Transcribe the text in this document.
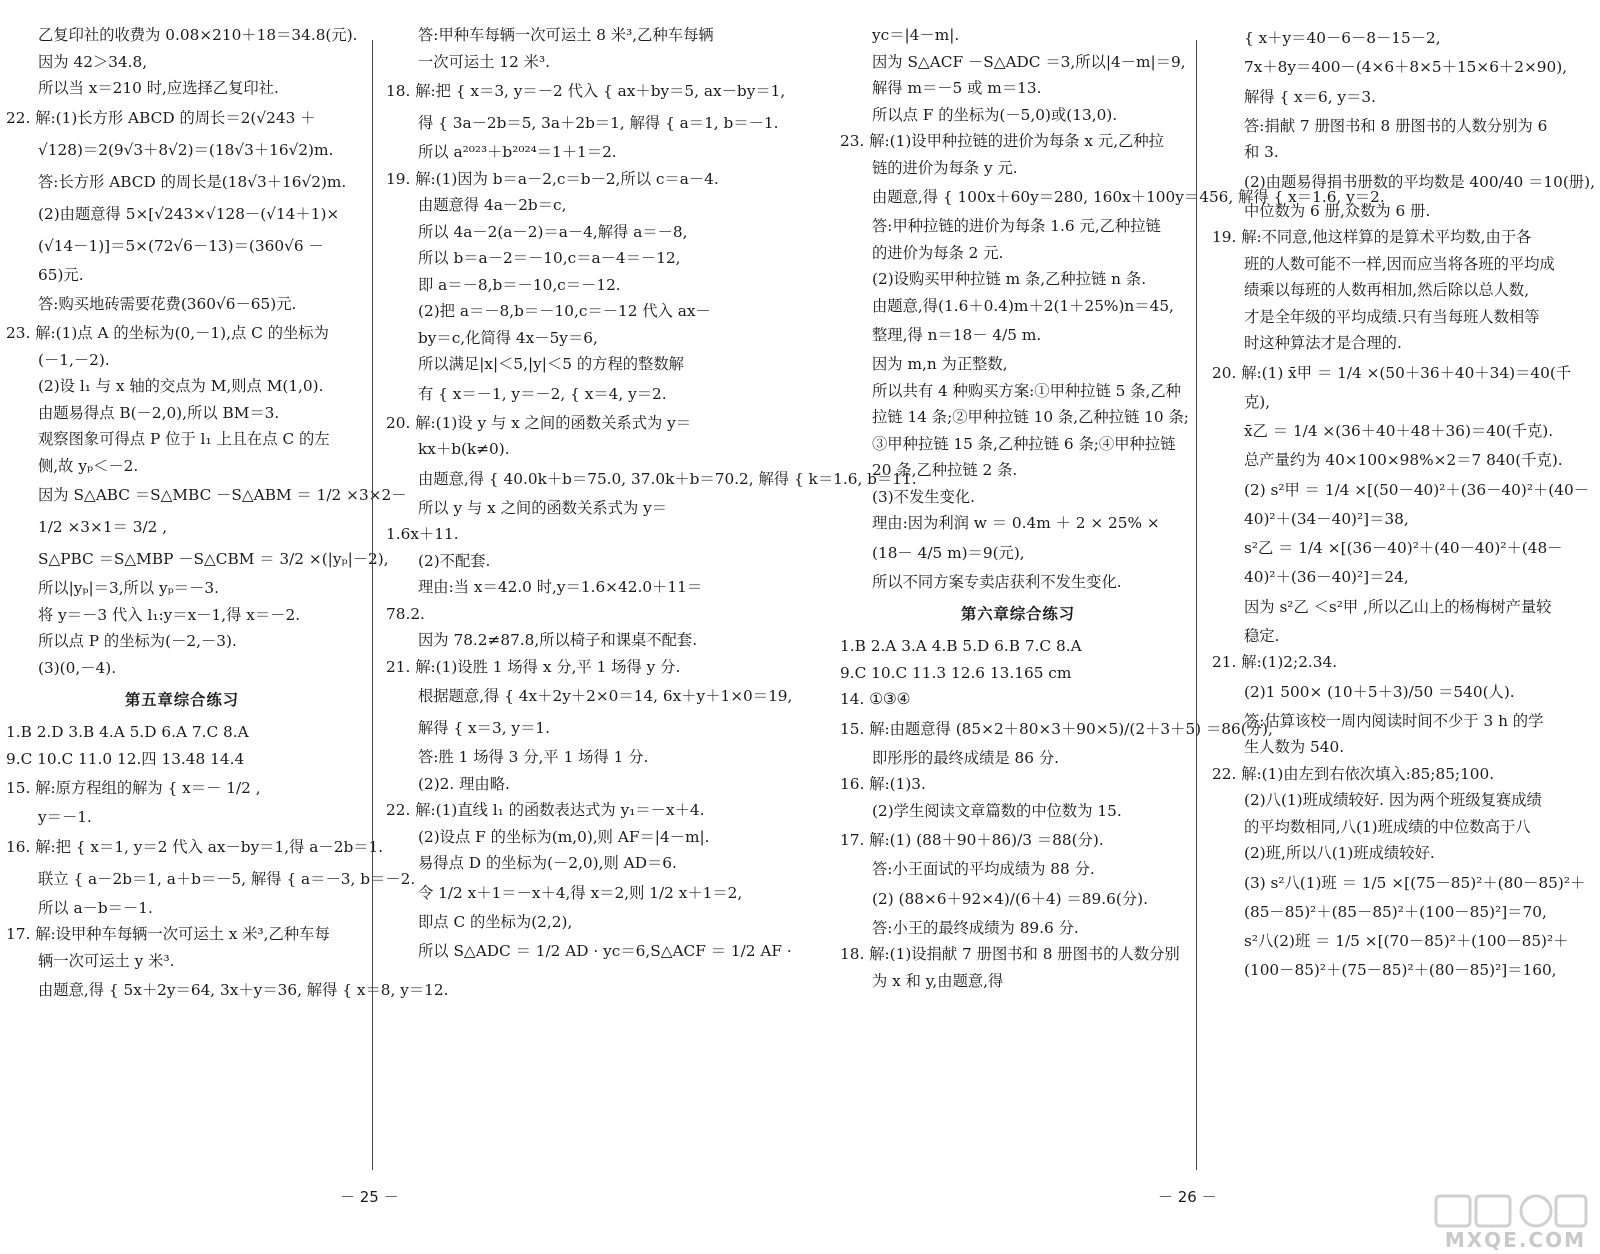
乙复印社的收费为 0.08×210＋18＝34.8(元).
因为 42＞34.8,
所以当 x＝210 时,应选择乙复印社.
22. 解:(1)长方形 ABCD 的周长＝2(√243 ＋
√128)＝2(9√3＋8√2)＝(18√3＋16√2)m.
答:长方形 ABCD 的周长是(18√3＋16√2)m.
(2)由题意得 5×[√243×√128－(√14＋1)×
(√14－1)]＝5×(72√6－13)＝(360√6 －
65)元.
答:购买地砖需要花费(360√6－65)元.
23. 解:(1)点 A 的坐标为(0,－1),点 C 的坐标为
(－1,－2).
(2)设 l₁ 与 x 轴的交点为 M,则点 M(1,0).
由题易得点 B(－2,0),所以 BM＝3.
观察图象可得点 P 位于 l₁ 上且在点 C 的左
侧,故 yₚ＜－2.
因为 S△ABC ＝S△MBC －S△ABM ＝ 1/2 ×3×2－
1/2 ×3×1＝ 3/2 ,
S△PBC ＝S△MBP －S△CBM ＝ 3/2 ×(|yₚ|－2),
所以|yₚ|＝3,所以 yₚ＝－3.
将 y＝－3 代入 l₁:y＝x－1,得 x＝－2.
所以点 P 的坐标为(－2,－3).
(3)(0,－4).
第五章综合练习
1.B 2.D 3.B 4.A 5.D 6.A 7.C 8.A
9.C 10.C 11.0 12.四 13.48 14.4
15. 解:原方程组的解为 { x＝－ 1/2 ,
y＝－1.
16. 解:把 { x＝1, y＝2 代入 ax－by＝1,得 a－2b＝1.
联立 { a－2b＝1, a＋b＝－5, 解得 { a＝－3, b＝－2.
所以 a－b＝－1.
17. 解:设甲种车每辆一次可运土 x 米³,乙种车每
辆一次可运土 y 米³.
由题意,得 { 5x＋2y＝64, 3x＋y＝36, 解得 { x＝8, y＝12.
答:甲种车每辆一次可运土 8 米³,乙种车每辆
一次可运土 12 米³.
18. 解:把 { x＝3, y＝－2 代入 { ax＋by＝5, ax－by＝1,
得 { 3a－2b＝5, 3a＋2b＝1, 解得 { a＝1, b＝－1.
所以 a²⁰²³＋b²⁰²⁴＝1＋1＝2.
19. 解:(1)因为 b＝a－2,c＝b－2,所以 c＝a－4.
由题意得 4a－2b＝c,
所以 4a－2(a－2)＝a－4,解得 a＝－8,
所以 b＝a－2＝－10,c＝a－4＝－12,
即 a＝－8,b＝－10,c＝－12.
(2)把 a＝－8,b＝－10,c＝－12 代入 ax－
by＝c,化简得 4x－5y＝6,
所以满足|x|＜5,|y|＜5 的方程的整数解
有 { x＝－1, y＝－2, { x＝4, y＝2.
20. 解:(1)设 y 与 x 之间的函数关系式为 y＝
kx＋b(k≠0).
由题意,得 { 40.0k＋b＝75.0, 37.0k＋b＝70.2, 解得 { k＝1.6, b＝11.
所以 y 与 x 之间的函数关系式为 y＝
1.6x＋11.
(2)不配套.
理由:当 x＝42.0 时,y＝1.6×42.0＋11＝
78.2.
因为 78.2≠87.8,所以椅子和课桌不配套.
21. 解:(1)设胜 1 场得 x 分,平 1 场得 y 分.
根据题意,得 { 4x＋2y＋2×0＝14, 6x＋y＋1×0＝19,
解得 { x＝3, y＝1.
答:胜 1 场得 3 分,平 1 场得 1 分.
(2)2. 理由略.
22. 解:(1)直线 l₁ 的函数表达式为 y₁＝－x＋4.
(2)设点 F 的坐标为(m,0),则 AF＝|4－m|.
易得点 D 的坐标为(－2,0),则 AD＝6.
令 1/2 x＋1＝－x＋4,得 x＝2,则 1/2 x＋1＝2,
即点 C 的坐标为(2,2),
所以 S△ADC ＝ 1/2 AD · yc＝6,S△ACF ＝ 1/2 AF ·
yc＝|4－m|.
因为 S△ACF －S△ADC ＝3,所以|4－m|＝9,
解得 m＝－5 或 m＝13.
所以点 F 的坐标为(－5,0)或(13,0).
23. 解:(1)设甲种拉链的进价为每条 x 元,乙种拉
链的进价为每条 y 元.
由题意,得 { 100x＋60y＝280, 160x＋100y＝456, 解得 { x＝1.6, y＝2.
答:甲种拉链的进价为每条 1.6 元,乙种拉链
的进价为每条 2 元.
(2)设购买甲种拉链 m 条,乙种拉链 n 条.
由题意,得(1.6＋0.4)m＋2(1＋25%)n＝45,
整理,得 n＝18－ 4/5 m.
因为 m,n 为正整数,
所以共有 4 种购买方案:①甲种拉链 5 条,乙种
拉链 14 条;②甲种拉链 10 条,乙种拉链 10 条;
③甲种拉链 15 条,乙种拉链 6 条;④甲种拉链
20 条,乙种拉链 2 条.
(3)不发生变化.
理由:因为利润 w ＝ 0.4m ＋ 2 × 25% ×
(18－ 4/5 m)＝9(元),
所以不同方案专卖店获利不发生变化.
第六章综合练习
1.B 2.A 3.A 4.B 5.D 6.B 7.C 8.A
9.C 10.C 11.3 12.6 13.165 cm
14. ①③④
15. 解:由题意得 (85×2＋80×3＋90×5)/(2＋3＋5) ＝86(分),
即彤彤的最终成绩是 86 分.
16. 解:(1)3.
(2)学生阅读文章篇数的中位数为 15.
17. 解:(1) (88＋90＋86)/3 ＝88(分).
答:小王面试的平均成绩为 88 分.
(2) (88×6＋92×4)/(6＋4) ＝89.6(分).
答:小王的最终成绩为 89.6 分.
18. 解:(1)设捐献 7 册图书和 8 册图书的人数分别
为 x 和 y,由题意,得
{ x＋y＝40－6－8－15－2,
7x＋8y＝400－(4×6＋8×5＋15×6＋2×90),
解得 { x＝6, y＝3.
答:捐献 7 册图书和 8 册图书的人数分别为 6
和 3.
(2)由题易得捐书册数的平均数是 400/40 ＝10(册),
中位数为 6 册,众数为 6 册.
19. 解:不同意,他这样算的是算术平均数,由于各
班的人数可能不一样,因而应当将各班的平均成
绩乘以每班的人数再相加,然后除以总人数,
才是全年级的平均成绩.只有当每班人数相等
时这种算法才是合理的.
20. 解:(1) x̄甲 ＝ 1/4 ×(50＋36＋40＋34)＝40(千
克),
x̄乙 ＝ 1/4 ×(36＋40＋48＋36)＝40(千克).
总产量约为 40×100×98%×2＝7 840(千克).
(2) s²甲 ＝ 1/4 ×[(50－40)²＋(36－40)²＋(40－
40)²＋(34－40)²]＝38,
s²乙 ＝ 1/4 ×[(36－40)²＋(40－40)²＋(48－
40)²＋(36－40)²]＝24,
因为 s²乙 ＜s²甲 ,所以乙山上的杨梅树产量较
稳定.
21. 解:(1)2;2.34.
(2)1 500× (10＋5＋3)/50 ＝540(人).
答:估算该校一周内阅读时间不少于 3 h 的学
生人数为 540.
22. 解:(1)由左到右依次填入:85;85;100.
(2)八(1)班成绩较好. 因为两个班级复赛成绩
的平均数相同,八(1)班成绩的中位数高于八
(2)班,所以八(1)班成绩较好.
(3) s²八(1)班 ＝ 1/5 ×[(75－85)²＋(80－85)²＋
(85－85)²＋(85－85)²＋(100－85)²]＝70,
s²八(2)班 ＝ 1/5 ×[(70－85)²＋(100－85)²＋
(100－85)²＋(75－85)²＋(80－85)²]＝160,
－ 25 －	－ 26 －
MXQE.COM
